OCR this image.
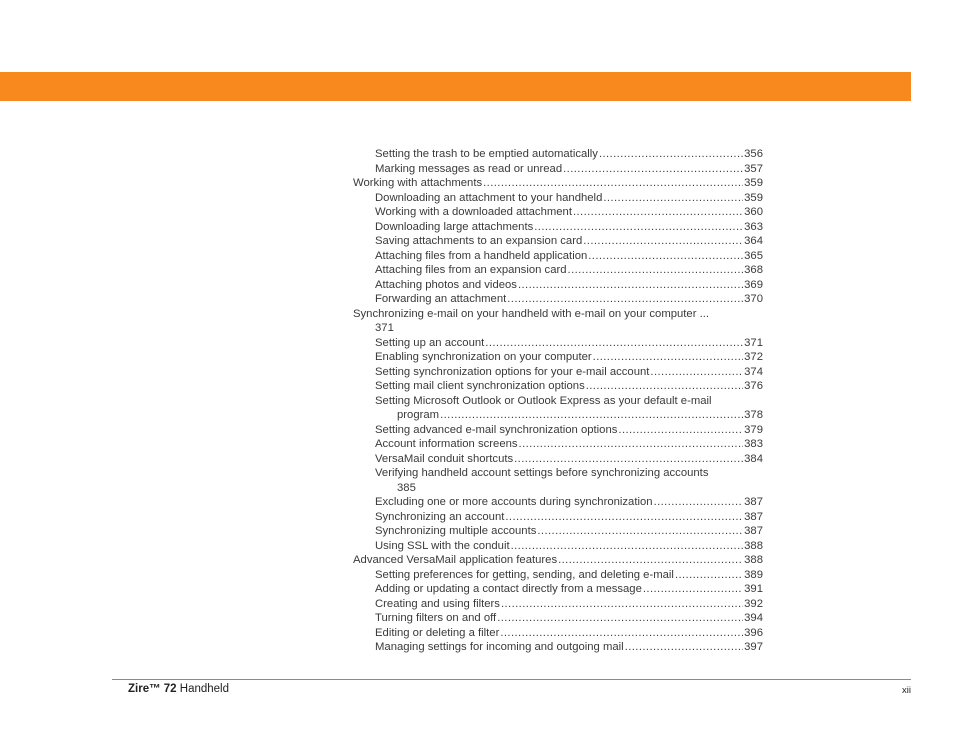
Setting the trash to be emptied automatically .....	356
Marking messages as read or unread .....	357
Working with attachments .....	359
Downloading an attachment to your handheld .....	359
Working with a downloaded attachment .....	360
Downloading large attachments .....	363
Saving attachments to an expansion card .....	364
Attaching files from a handheld application .....	365
Attaching files from an expansion card .....	368
Attaching photos and videos .....	369
Forwarding an attachment .....	370
Synchronizing e-mail on your handheld with e-mail on your computer ...
371
Setting up an account .....	371
Enabling synchronization on your computer .....	372
Setting synchronization options for your e-mail account .....	374
Setting mail client synchronization options .....	376
Setting Microsoft Outlook or Outlook Express as your default e-mail
program .....	378
Setting advanced e-mail synchronization options .....	379
Account information screens .....	383
VersaMail conduit shortcuts .....	384
Verifying handheld account settings before synchronizing accounts
385
Excluding one or more accounts during synchronization .....	387
Synchronizing an account .....	387
Synchronizing multiple accounts .....	387
Using SSL with the conduit .....	388
Advanced VersaMail application features .....	388
Setting preferences for getting, sending, and deleting e-mail .....	389
Adding or updating a contact directly from a message .....	391
Creating and using filters .....	392
Turning filters on and off .....	394
Editing or deleting a filter .....	396
Managing settings for incoming and outgoing mail .....	397
Zire™ 72 Handheld	xii
